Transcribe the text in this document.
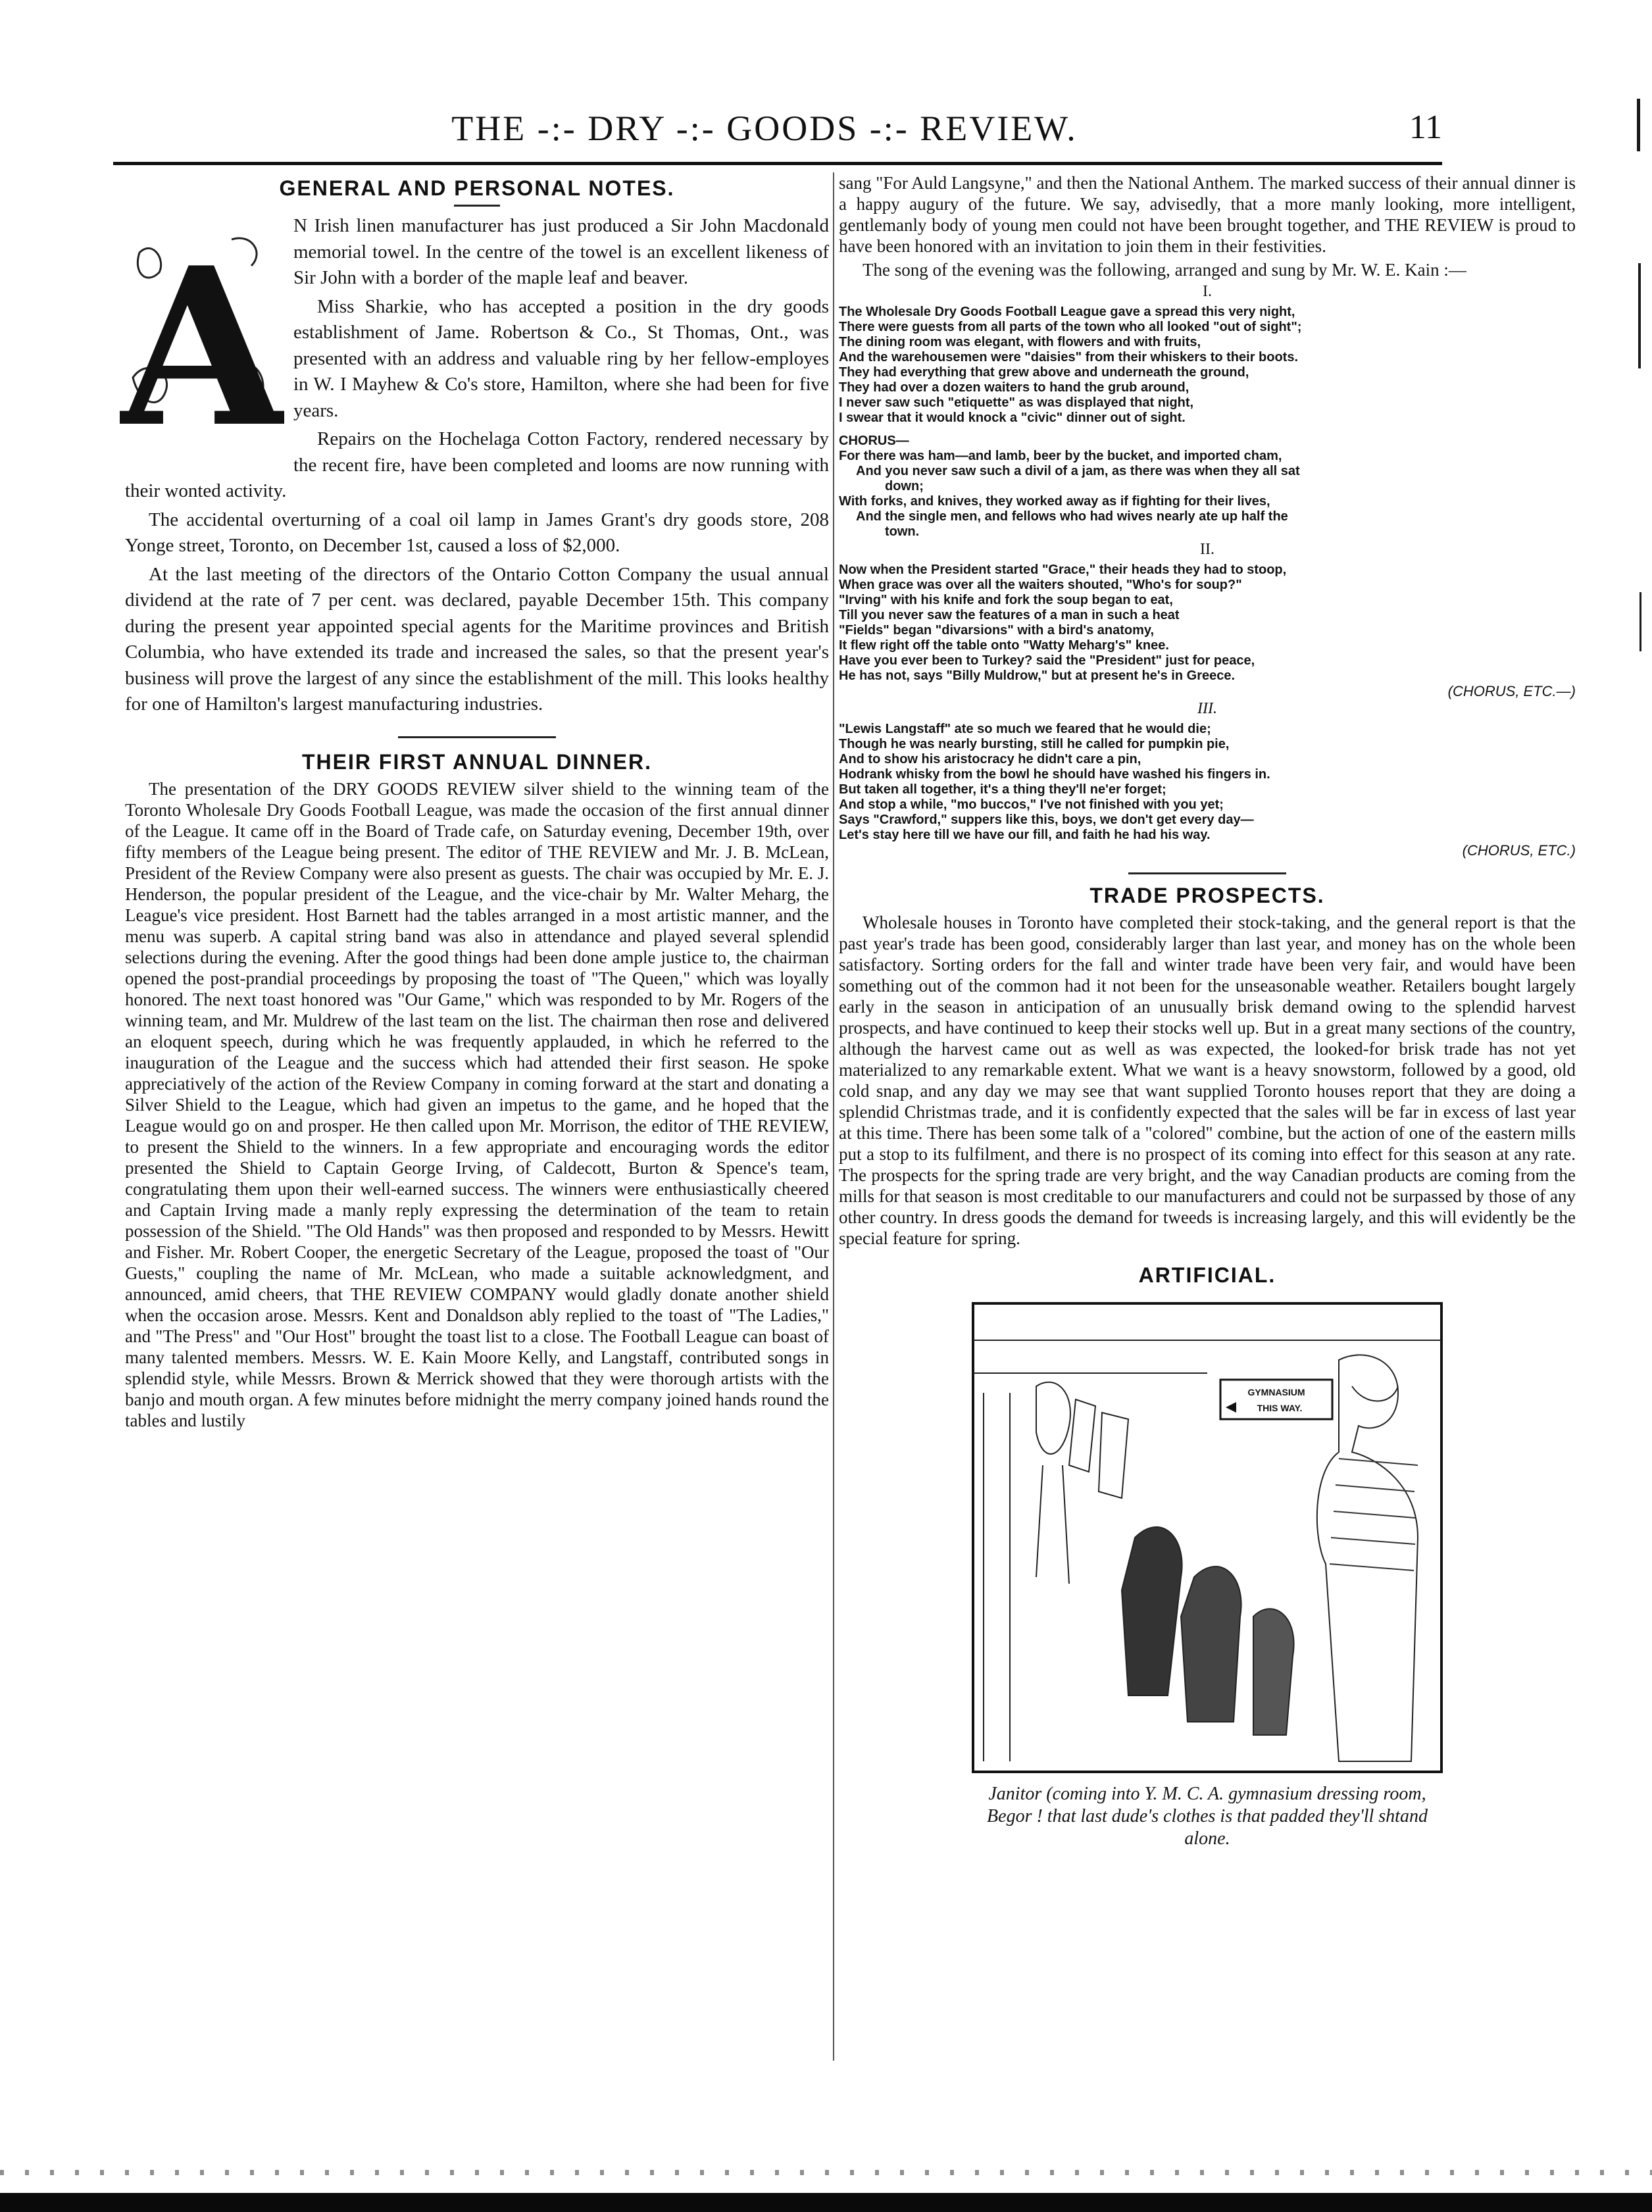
THE -:- DRY -:- GOODS -:- REVIEW.	11
GENERAL AND PERSONAL NOTES.
A N Irish linen manufacturer has just produced a Sir John Macdonald memorial towel. In the centre of the towel is an excellent likeness of Sir John with a border of the maple leaf and beaver.

Miss Sharkie, who has accepted a position in the dry goods establishment of Jame. Robertson & Co., St Thomas, Ont., was presented with an address and valuable ring by her fellow-employes in W. I Mayhew & Co's store, Hamilton, where she had been for five years.

Repairs on the Hochelaga Cotton Factory, rendered necessary by the recent fire, have been completed and looms are now running with their wonted activity.

The accidental overturning of a coal oil lamp in James Grant's dry goods store, 208 Yonge street, Toronto, on December 1st, caused a loss of $2,000.

At the last meeting of the directors of the Ontario Cotton Company the usual annual dividend at the rate of 7 per cent. was declared, payable December 15th. This company during the present year appointed special agents for the Maritime provinces and British Columbia, who have extended its trade and increased the sales, so that the present year's business will prove the largest of any since the establishment of the mill. This looks healthy for one of Hamilton's largest manufacturing industries.

THEIR FIRST ANNUAL DINNER.

The presentation of the DRY GOODS REVIEW silver shield to the winning team of the Toronto Wholesale Dry Goods Football League, was made the occasion of the first annual dinner of the League. It came off in the Board of Trade cafe, on Saturday evening, December 19th, over fifty members of the League being present. The editor of THE REVIEW and Mr. J. B. McLean, President of the Review Company were also present as guests. The chair was occupied by Mr. E. J. Henderson, the popular president of the League, and the vice-chair by Mr. Walter Meharg, the League's vice president. Host Barnett had the tables arranged in a most artistic manner, and the menu was superb. A capital string band was also in attendance and played several splendid selections during the evening. After the good things had been done ample justice to, the chairman opened the post-prandial proceedings by proposing the toast of "The Queen," which was loyally honored. The next toast honored was "Our Game," which was responded to by Mr. Rogers of the winning team, and Mr. Muldrew of the last team on the list. The chairman then rose and delivered an eloquent speech, during which he was frequently applauded, in which he referred to the inauguration of the League and the success which had attended their first season. He spoke appreciatively of the action of the Review Company in coming forward at the start and donating a Silver Shield to the League, which had given an impetus to the game, and he hoped that the League would go on and prosper. He then called upon Mr. Morrison, the editor of THE REVIEW, to present the Shield to the winners. In a few appropriate and encouraging words the editor presented the Shield to Captain George Irving, of Caldecott, Burton & Spence's team, congratulating them upon their well-earned success. The winners were enthusiastically cheered and Captain Irving made a manly reply expressing the determination of the team to retain possession of the Shield. "The Old Hands" was then proposed and responded to by Messrs. Hewitt and Fisher. Mr. Robert Cooper, the energetic Secretary of the League, proposed the toast of "Our Guests," coupling the name of Mr. McLean, who made a suitable acknowledgment, and announced, amid cheers, that THE REVIEW COMPANY would gladly donate another shield when the occasion arose. Messrs. Kent and Donaldson ably replied to the toast of "The Ladies," and "The Press" and "Our Host" brought the toast list to a close. The Football League can boast of many talented members. Messrs. W. E. Kain Moore Kelly, and Langstaff, contributed songs in splendid style, while Messrs. Brown & Merrick showed that they were thorough artists with the banjo and mouth organ. A few minutes before midnight the merry company joined hands round the tables and lustily

sang "For Auld Langsyne," and then the National Anthem. The marked success of their annual dinner is a happy augury of the future. We say, advisedly, that a more manly looking, more intelligent, gentlemanly body of young men could not have been brought together, and THE REVIEW is proud to have been honored with an invitation to join them in their festivities.

The song of the evening was the following, arranged and sung by Mr. W. E. Kain :—

I.
The Wholesale Dry Goods Football League gave a spread this very night,
There were guests from all parts of the town who all looked "out of sight";
The dining room was elegant, with flowers and with fruits,
And the warehousemen were "daisies" from their whiskers to their boots.
They had everything that grew above and underneath the ground,
They had over a dozen waiters to hand the grub around,
I never saw such "etiquette" as was displayed that night,
I swear that it would knock a "civic" dinner out of sight.
CHORUS—
For there was ham—and lamb, beer by the bucket, and imported cham,
And you never saw such a divil of a jam, as there was when they all sat
down;
With forks, and knives, they worked away as if fighting for their lives,
And the single men, and fellows who had wives nearly ate up half the
town.
II.
Now when the President started "Grace," their heads they had to stoop,
When grace was over all the waiters shouted, "Who's for soup?"
"Irving" with his knife and fork the soup began to eat,
Till you never saw the features of a man in such a heat
"Fields" began "divarsions" with a bird's anatomy,
It flew right off the table onto "Watty Meharg's" knee.
Have you ever been to Turkey? said the "President" just for peace,
He has not, says "Billy Muldrow," but at present he's in Greece.
(CHORUS, ETC.—)
III.
"Lewis Langstaff" ate so much we feared that he would die;
Though he was nearly bursting, still he called for pumpkin pie,
And to show his aristocracy he didn't care a pin,
Hodrank whisky from the bowl he should have washed his fingers in.
But taken all together, it's a thing they'll ne'er forget;
And stop a while, "mo buccos," I've not finished with you yet;
Says "Crawford," suppers like this, boys, we don't get every day—
Let's stay here till we have our fill, and faith he had his way.
(CHORUS, ETC.)
TRADE PROSPECTS.

Wholesale houses in Toronto have completed their stock-taking, and the general report is that the past year's trade has been good, considerably larger than last year, and money has on the whole been satisfactory. Sorting orders for the fall and winter trade have been very fair, and would have been something out of the common had it not been for the unseasonable weather. Retailers bought largely early in the season in anticipation of an unusually brisk demand owing to the splendid harvest prospects, and have continued to keep their stocks well up. But in a great many sections of the country, although the harvest came out as well as was expected, the looked-for brisk trade has not yet materialized to any remarkable extent. What we want is a heavy snowstorm, followed by a good, old cold snap, and any day we may see that want supplied Toronto houses report that they are doing a splendid Christmas trade, and it is confidently expected that the sales will be far in excess of last year at this time. There has been some talk of a "colored" combine, but the action of one of the eastern mills put a stop to its fulfilment, and there is no prospect of its coming into effect for this season at any rate. The prospects for the spring trade are very bright, and the way Canadian products are coming from the mills for that season is most creditable to our manufacturers and could not be surpassed by those of any other country. In dress goods the demand for tweeds is increasing largely, and this will evidently be the special feature for spring.

ARTIFICIAL.
GYMNASIUM
THIS WAY.
Janitor (coming into Y. M. C. A. gymnasium dressing room,
Begor ! that last dude's clothes is that padded they'll shtand alone.
